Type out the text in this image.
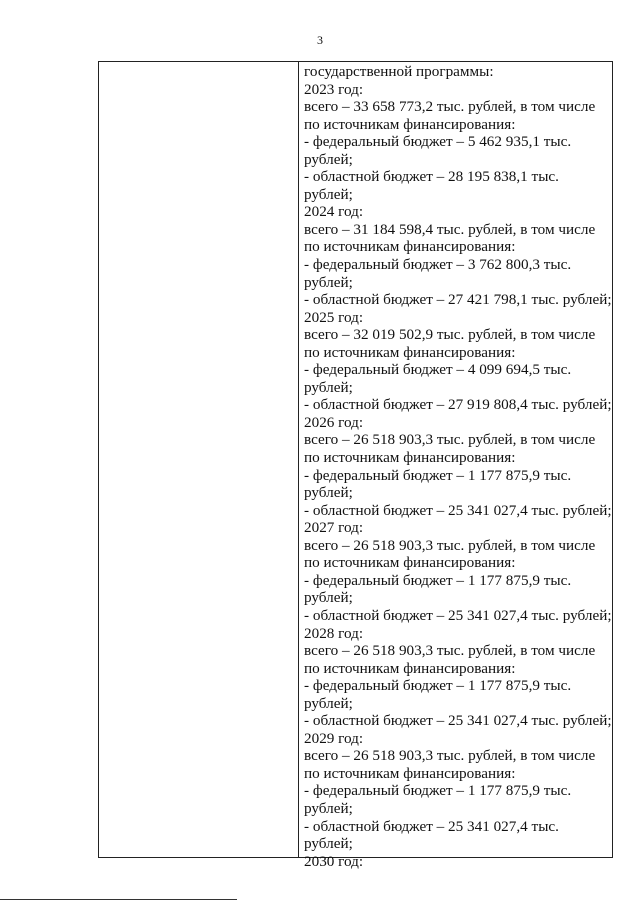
3
государственной программы:
2023 год:
всего – 33 658 773,2 тыс. рублей, в том числе
по источникам финансирования:
- федеральный бюджет – 5 462 935,1 тыс.
рублей;
- областной бюджет – 28 195 838,1 тыс.
рублей;
2024 год:
всего – 31 184 598,4 тыс. рублей, в том числе
по источникам финансирования:
- федеральный бюджет – 3 762 800,3 тыс.
рублей;
- областной бюджет – 27 421 798,1 тыс. рублей;
2025 год:
всего – 32 019 502,9 тыс. рублей, в том числе
по источникам финансирования:
- федеральный бюджет – 4 099 694,5 тыс.
рублей;
- областной бюджет – 27 919 808,4 тыс. рублей;
2026 год:
всего – 26 518 903,3 тыс. рублей, в том числе
по источникам финансирования:
- федеральный бюджет – 1 177 875,9 тыс.
рублей;
- областной бюджет – 25 341 027,4 тыс. рублей;
2027 год:
всего – 26 518 903,3 тыс. рублей, в том числе
по источникам финансирования:
- федеральный бюджет – 1 177 875,9 тыс.
рублей;
- областной бюджет – 25 341 027,4 тыс. рублей;
2028 год:
всего – 26 518 903,3 тыс. рублей, в том числе
по источникам финансирования:
- федеральный бюджет – 1 177 875,9 тыс.
рублей;
- областной бюджет – 25 341 027,4 тыс. рублей;
2029 год:
всего – 26 518 903,3 тыс. рублей, в том числе
по источникам финансирования:
- федеральный бюджет – 1 177 875,9 тыс.
рублей;
- областной бюджет – 25 341 027,4 тыс.
рублей;
2030 год:
